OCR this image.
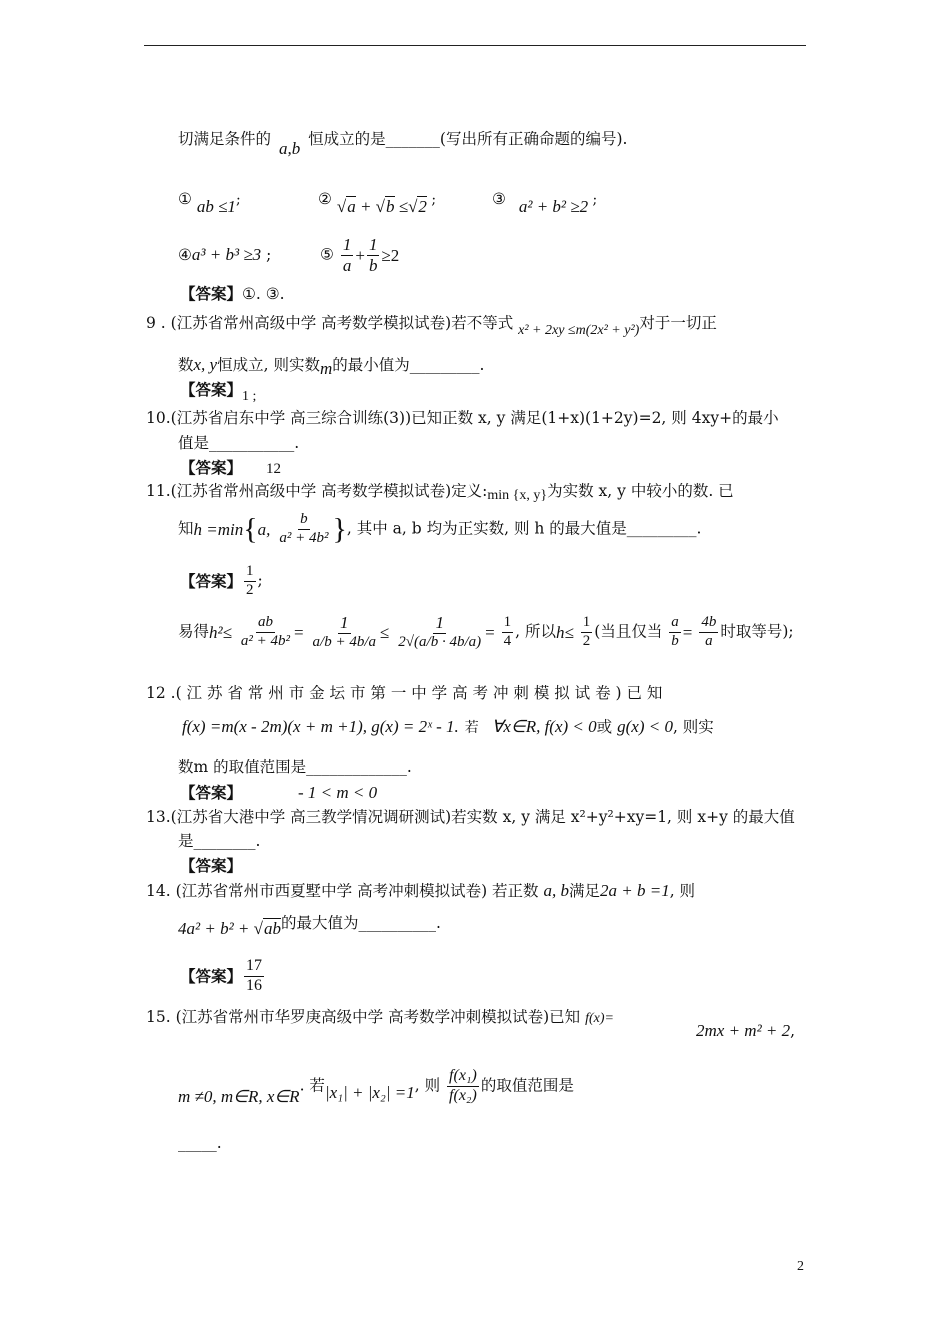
切满足条件的 a,b 恒成立的是_______(写出所有正确命题的编号).
① ab ≤1;	② √a + √b ≤√2 ;	③ a² + b² ≥2 ;
④a³ + b³ ≥3 ;	⑤ $\frac{1}{a} + \frac{1}{b} \ge 2$
【答案】①. ③.
9 . (江苏省常州高级中学 高考数学模拟试卷)若不等式 x² + 2xy ≤m(2x² + y²)对于一切正
数x, y恒成立, 则实数m的最小值为_________.
【答案】1 ;
10.(江苏省启东中学 高三综合训练(3))已知正数 x, y 满足(1+x)(1+2y)=2, 则 4xy+的最小
值是___________.
【答案】 12
11.(江苏省常州高级中学 高考数学模拟试卷)定义:min {x, y}为实数 x, y 中较小的数. 已
知h =min{a, $\frac{b}{\text{a² + 4b²}}$ }, 其中 a, b 均为正实数, 则 h 的最大值是_________.
【答案】 $\frac{1}{2}$ ;
易得$h^2\le \frac{ab}{\text{a² + 4b²}} = \frac{1}{a/b + 4b/a} \le \frac{1}{2√(a/b \cdot 4b/a)} = \frac{1}{4}$ , 所以$h\le \frac{1}{2}$ (当且仅当 $\frac{a}{b} = \frac{4b}{a}$ 时取等号);
12 .( 江 苏 省 常 州 市 金 坛 市 第 一 中 学 高 考 冲 刺 模 拟 试 卷 ) 已 知
f(x) =m(x - 2m)(x + m +1), g(x) = 2ˣ - 1. 若 ∀x∈R, f(x) < 0或 g(x) < 0, 则实
数m 的取值范围是_____________.
【答案】	- 1 < m < 0
13.(江苏省大港中学 高三教学情况调研测试)若实数 x, y 满足 x²+y²+xy=1, 则 x+y 的最大值
是________.
【答案】
14. (江苏省常州市西夏墅中学 高考冲刺模拟试卷) 若正数 a, b满足2a + b =1, 则
4a² + b² + √ab的最大值为__________.
【答案】 $\frac{17}{16}$
15. (江苏省常州市华罗庚高级中学 高考数学冲刺模拟试卷)已知 f(x)=
2mx + m² + 2,
m ≠0, m∈R, x∈R. 若|x₁| + |x₂| =1, 则 $\frac{\text{f(x₁)}}{\text{f(x₂)}}$ 的取值范围是
_____.
2
